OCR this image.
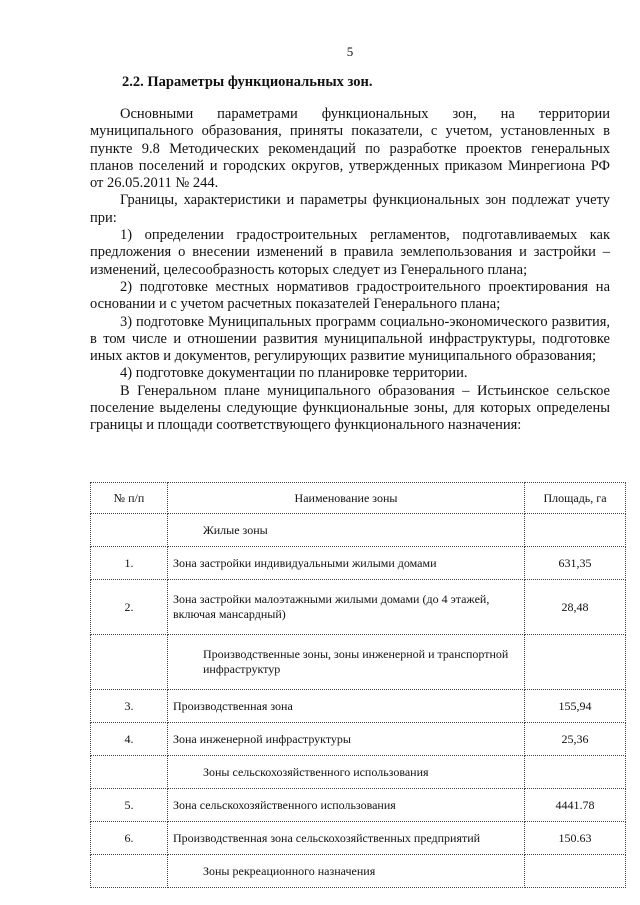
5
2.2. Параметры функциональных зон.

Основными параметрами функциональных зон, на территории муниципального образования, приняты показатели, с учетом, установленных в пункте 9.8 Методических рекомендаций по разработке проектов генеральных планов поселений и городских округов, утвержденных приказом Минрегиона РФ от 26.05.2011 № 244.

Границы, характеристики и параметры функциональных зон подлежат учету при:

1) определении градостроительных регламентов, подготавливаемых как предложения о внесении изменений в правила землепользования и застройки – изменений, целесообразность которых следует из Генерального плана;

2) подготовке местных нормативов градостроительного проектирования на основании и с учетом расчетных показателей Генерального плана;

3) подготовке Муниципальных программ социально-экономического развития, в том числе и отношении развития муниципальной инфраструктуры, подготовке иных актов и документов, регулирующих развитие муниципального образования;

4) подготовке документации по планировке территории.

В Генеральном плане муниципального образования – Истьинское сельское поселение выделены следующие функциональные зоны, для которых определены границы и площади соответствующего функционального назначения:

№ п/п	Наименование зоны	Площадь, га
	Жилые зоны	
1.	Зона застройки индивидуальными жилыми домами	631,35
2.	Зона застройки малоэтажными жилыми домами (до 4 этажей, включая мансардный)	28,48
	Производственные зоны, зоны инженерной и транспортной инфраструктур	
3.	Производственная зона	155,94
4.	Зона инженерной инфраструктуры	25,36
	Зоны сельскохозяйственного использования	
5.	Зона сельскохозяйственного использования	4441.78
6.	Производственная зона сельскохозяйственных предприятий	150.63
	Зоны рекреационного назначения	
